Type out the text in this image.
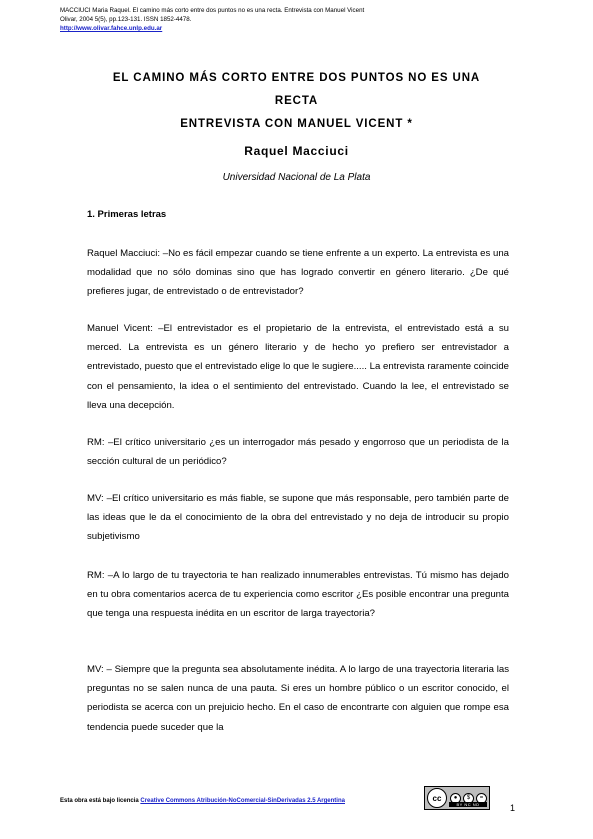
MACCIUCI Maria Raquel. El camino más corto entre dos puntos no es una recta. Entrevista con Manuel Vicent
Olivar, 2004 5(5), pp.123-131. ISSN 1852-4478.
http://www.olivar.fahce.unlp.edu.ar
EL CAMINO MÁS CORTO ENTRE DOS PUNTOS NO ES UNA
RECTA
ENTREVISTA CON MANUEL VICENT *
Raquel Macciuci
Universidad Nacional de La Plata
1. Primeras letras

Raquel Macciuci: –No es fácil empezar cuando se tiene enfrente a un experto. La entrevista es una modalidad que no sólo dominas sino que has logrado convertir en género literario. ¿De qué prefieres jugar, de entrevistado o de entrevistador?

Manuel Vicent: –El entrevistador es el propietario de la entrevista, el entrevistado está a su merced. La entrevista es un género literario y de hecho yo prefiero ser entrevistador a entrevistado, puesto que el entrevistado elige lo que le sugiere..... La entrevista raramente coincide con el pensamiento, la idea o el sentimiento del entrevistado. Cuando la lee, el entrevistado se lleva una decepción.

RM: –El crítico universitario ¿es un interrogador más pesado y engorroso que un periodista de la sección cultural de un periódico?

MV: –El crítico universitario es más fiable, se supone que más responsable, pero también parte de las ideas que le da el conocimiento de la obra del entrevistado y no deja de introducir su propio subjetivismo

RM: –A lo largo de tu trayectoria te han realizado innumerables entrevistas. Tú mismo has dejado en tu obra comentarios acerca de tu experiencia como escritor ¿Es posible encontrar una pregunta que tenga una respuesta inédita en un escritor de larga trayectoria?

MV: – Siempre que la pregunta sea absolutamente inédita. A lo largo de una trayectoria literaria las preguntas no se salen nunca de una pauta. Si eres un hombre público o un escritor conocido, el periodista se acerca con un prejuicio hecho. En el caso de encontrarte con alguien que rompe esa tendencia puede suceder que la

Esta obra está bajo licencia Creative Commons Atribución-NoComercial-SinDerivadas 2.5 Argentina	cc	●	$	=
BY NC ND	1
